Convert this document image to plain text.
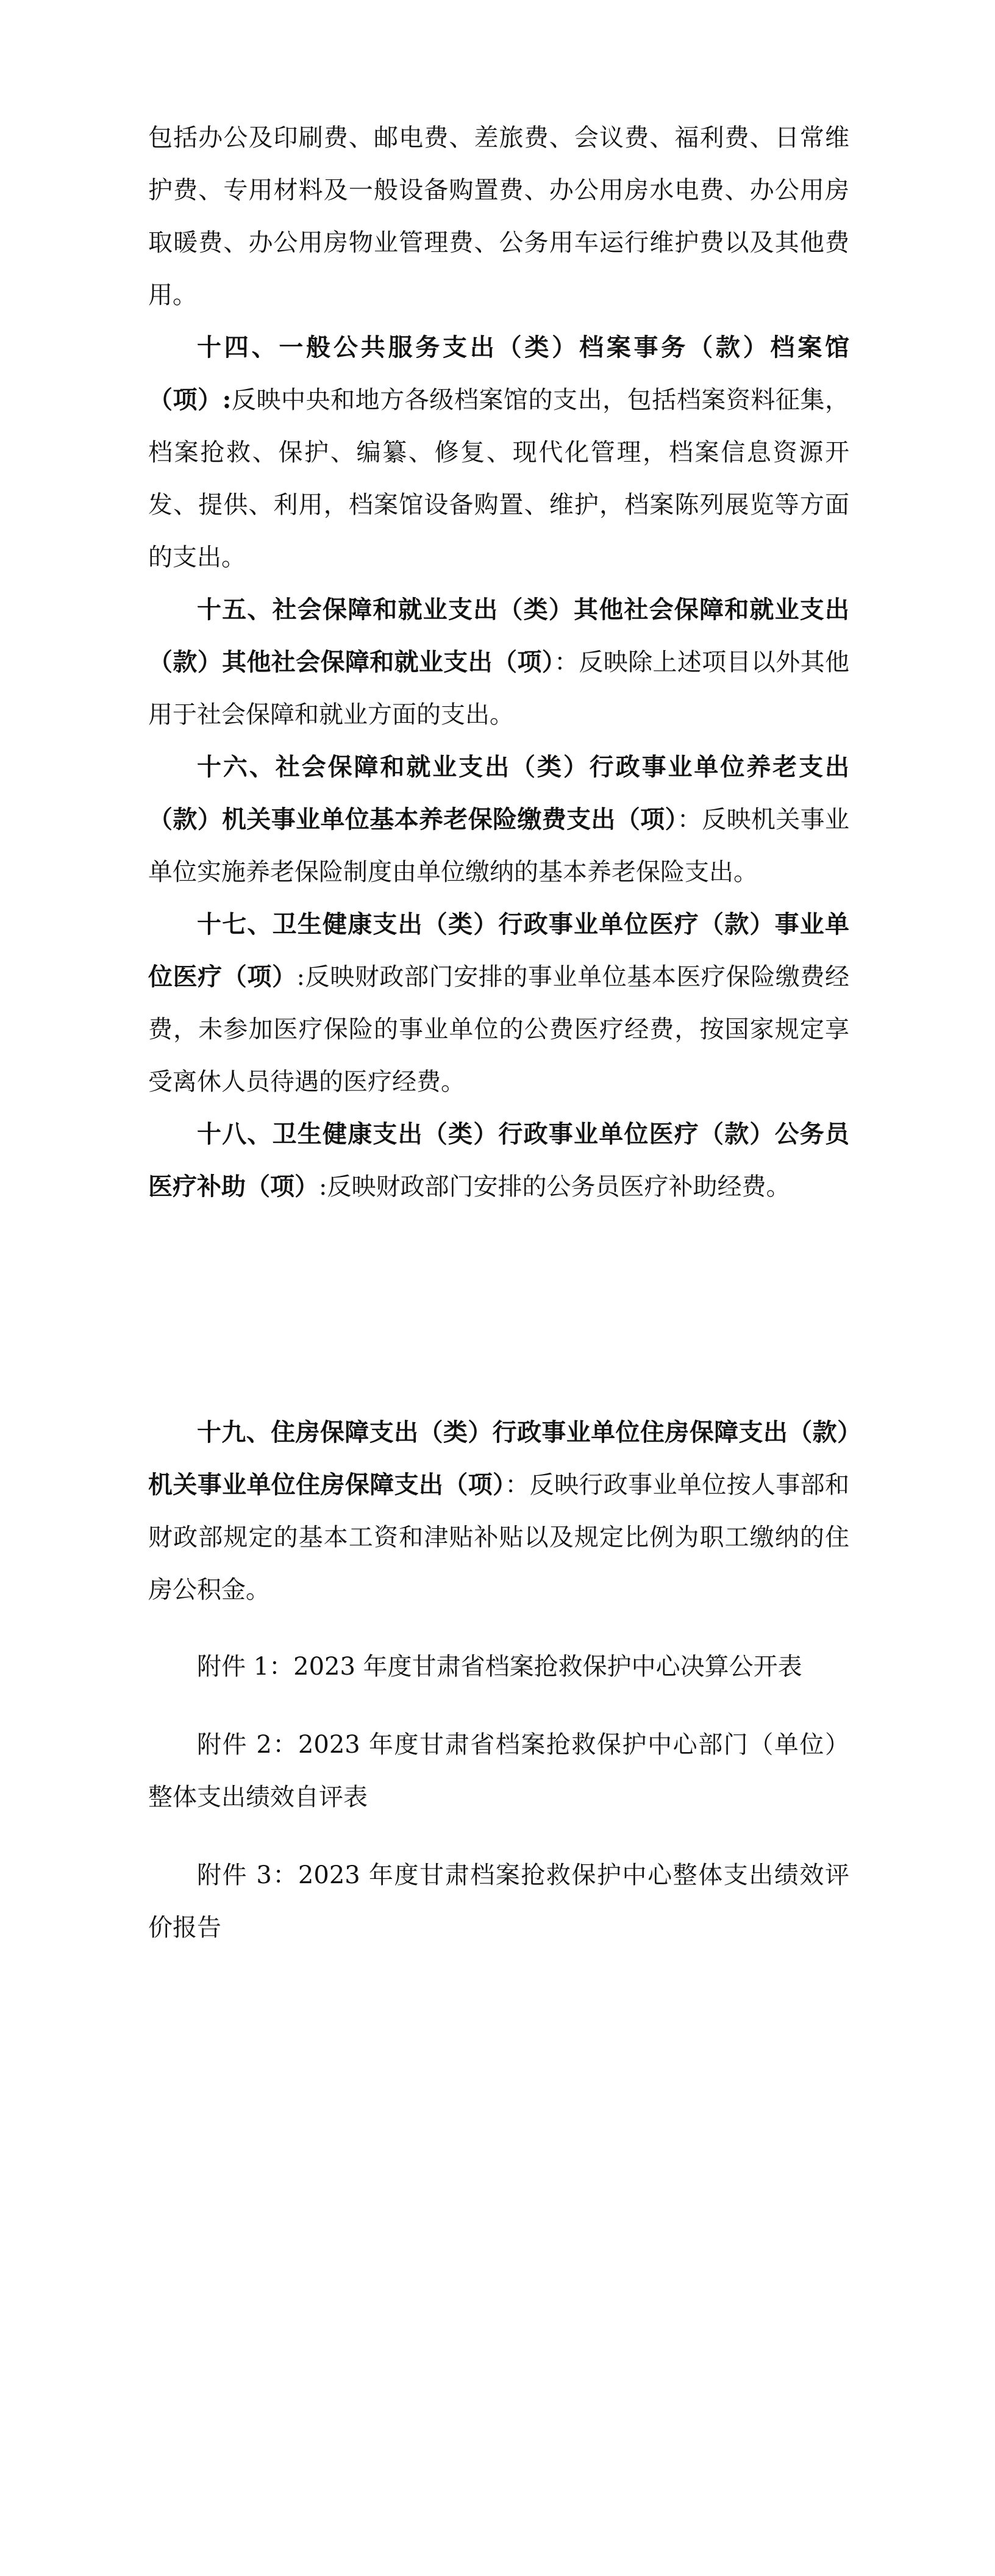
包括办公及印刷费、邮电费、差旅费、会议费、福利费、日常维护费、专用材料及一般设备购置费、办公用房水电费、办公用房取暖费、办公用房物业管理费、公务用车运行维护费以及其他费用。

十四、一般公共服务支出（类）档案事务（款）档案馆（项）:反映中央和地方各级档案馆的支出，包括档案资料征集，档案抢救、保护、编纂、修复、现代化管理，档案信息资源开发、提供、利用，档案馆设备购置、维护，档案陈列展览等方面的支出。

十五、社会保障和就业支出（类）其他社会保障和就业支出（款）其他社会保障和就业支出（项）：反映除上述项目以外其他用于社会保障和就业方面的支出。

十六、社会保障和就业支出（类）行政事业单位养老支出（款）机关事业单位基本养老保险缴费支出（项）：反映机关事业单位实施养老保险制度由单位缴纳的基本养老保险支出。

十七、卫生健康支出（类）行政事业单位医疗（款）事业单位医疗（项）:反映财政部门安排的事业单位基本医疗保险缴费经费，未参加医疗保险的事业单位的公费医疗经费，按国家规定享受离休人员待遇的医疗经费。

十八、卫生健康支出（类）行政事业单位医疗（款）公务员医疗补助（项）:反映财政部门安排的公务员医疗补助经费。

十九、住房保障支出（类）行政事业单位住房保障支出（款）机关事业单位住房保障支出（项）：反映行政事业单位按人事部和财政部规定的基本工资和津贴补贴以及规定比例为职工缴纳的住房公积金。

附件 1：2023 年度甘肃省档案抢救保护中心决算公开表

附件 2：2023 年度甘肃省档案抢救保护中心部门（单位）整体支出绩效自评表

附件 3：2023 年度甘肃档案抢救保护中心整体支出绩效评价报告
